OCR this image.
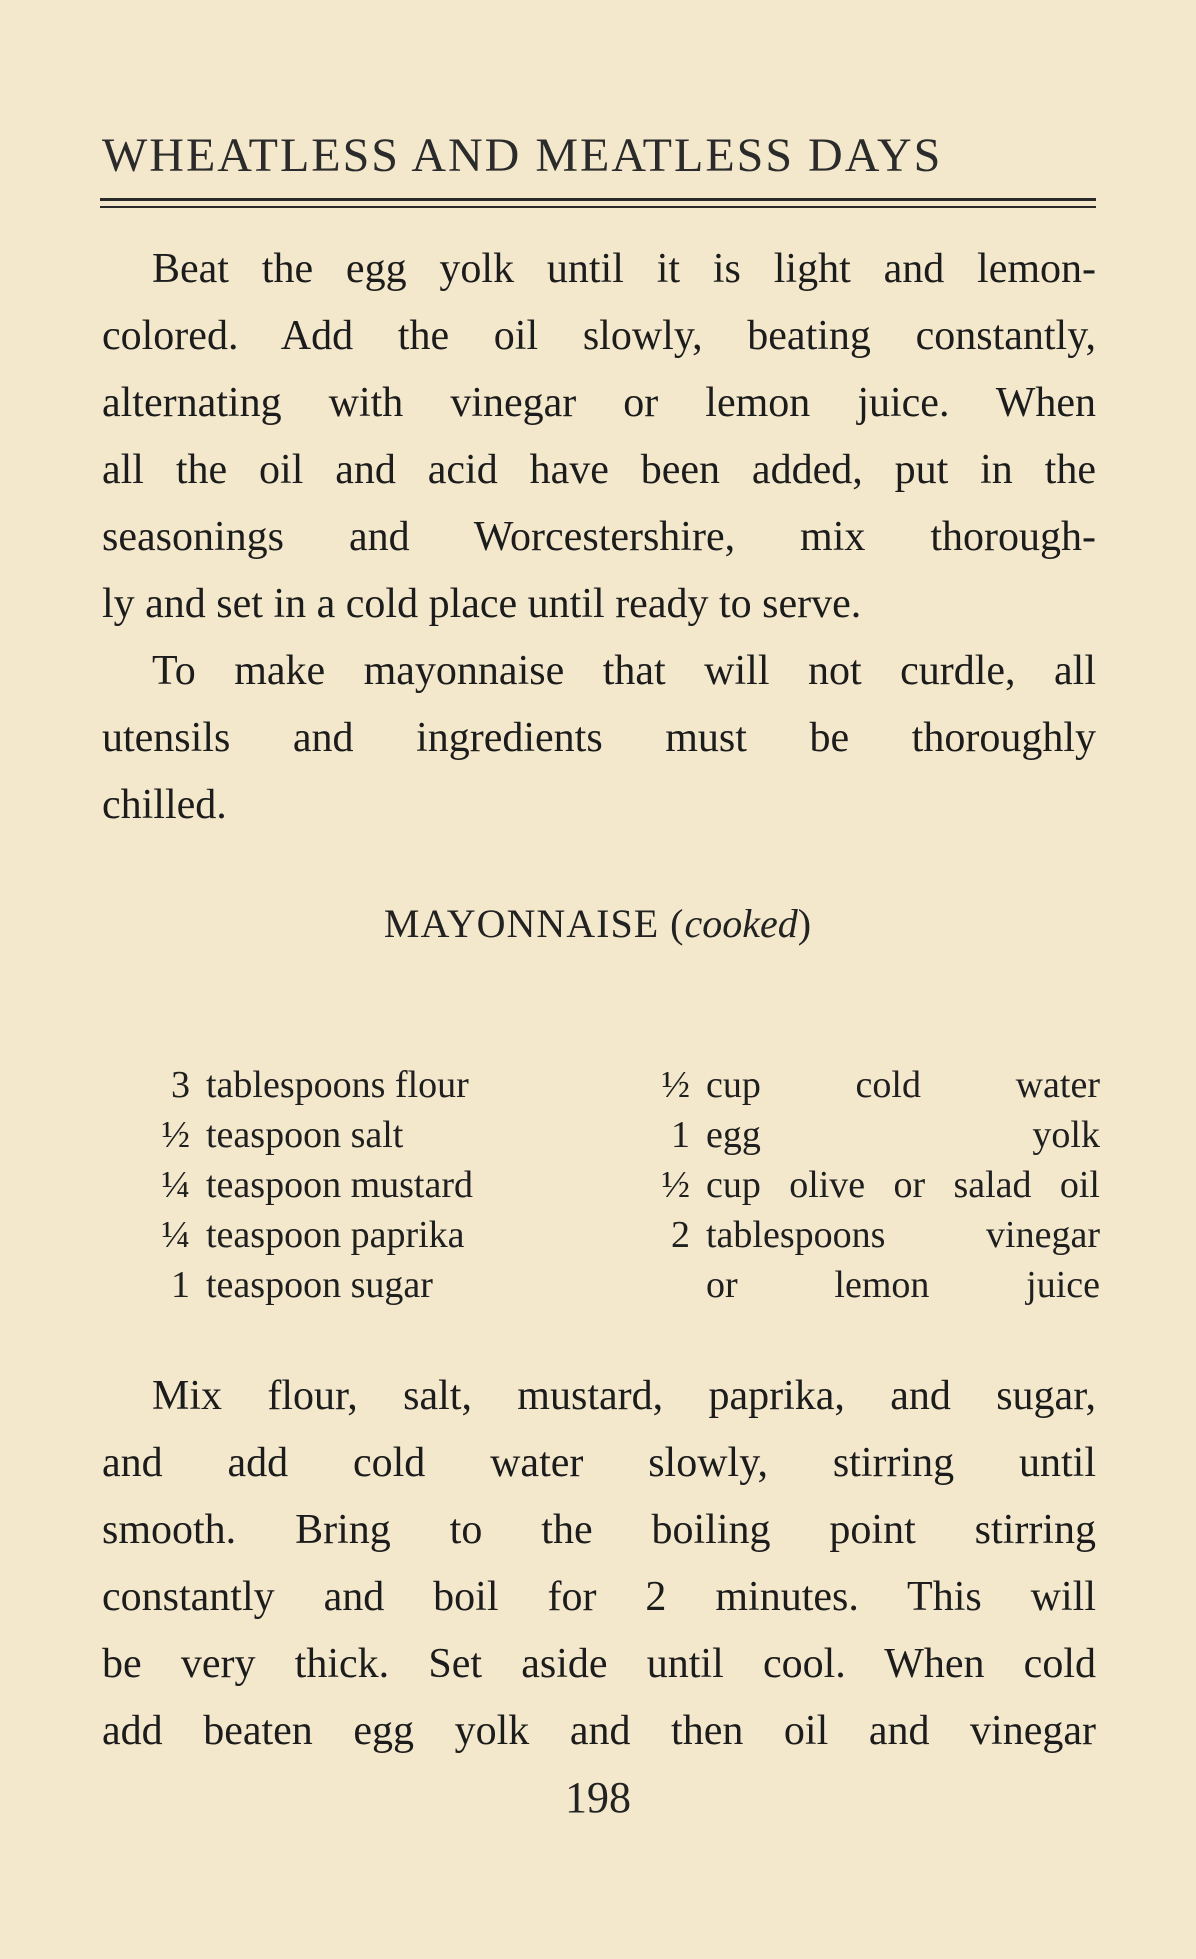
WHEATLESS AND MEATLESS DAYS
Beat the egg yolk until it is light and lemon-
colored. Add the oil slowly, beating constantly,
alternating with vinegar or lemon juice. When
all the oil and acid have been added, put in the
seasonings and Worcestershire, mix thorough-
ly and set in a cold place until ready to serve.
To make mayonnaise that will not curdle, all
utensils and ingredients must be thoroughly
chilled.
MAYONNAISE (cooked)
3 tablespoons flour
½ teaspoon salt
¼ teaspoon mustard
¼ teaspoon paprika
1 teaspoon sugar
½ cup cold water
1 egg yolk
½ cup olive or salad oil
2 tablespoons vinegar
or lemon juice
Mix flour, salt, mustard, paprika, and sugar,
and add cold water slowly, stirring until
smooth. Bring to the boiling point stirring
constantly and boil for 2 minutes. This will
be very thick. Set aside until cool. When cold
add beaten egg yolk and then oil and vinegar
198
